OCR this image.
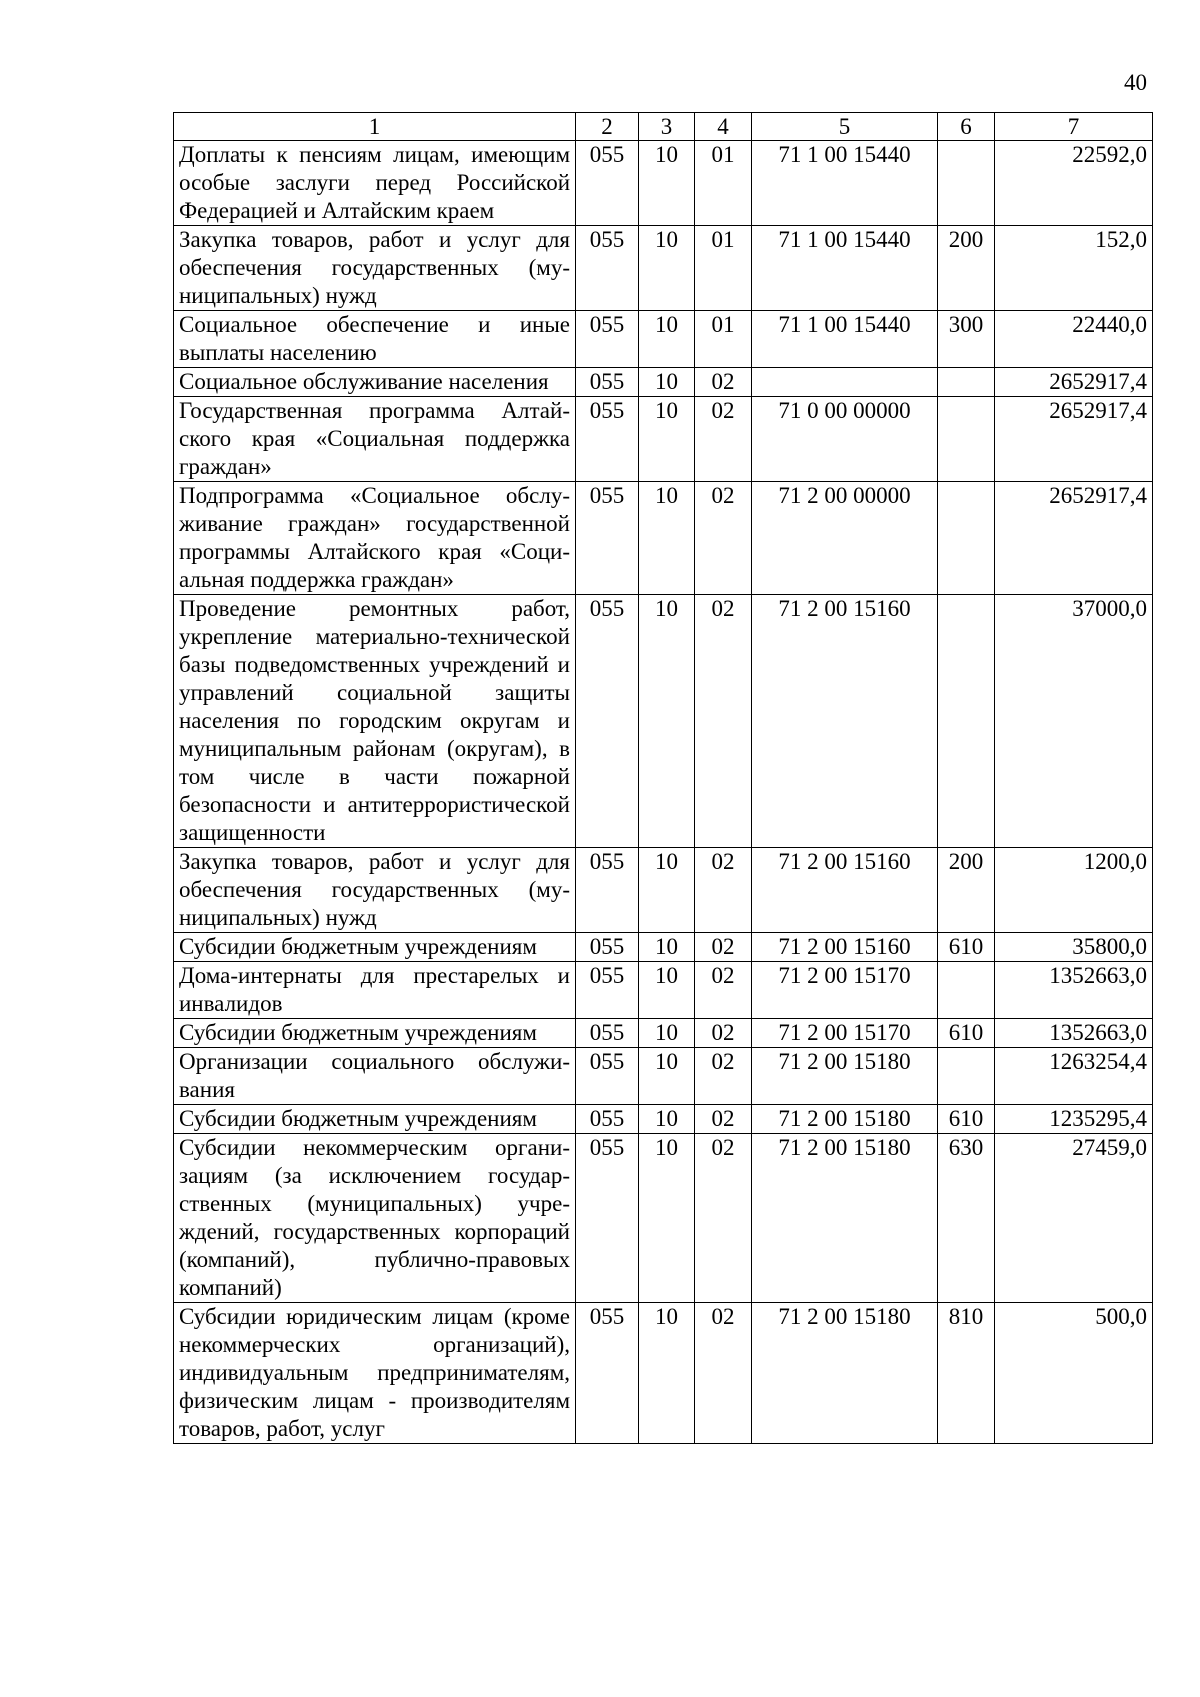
40
1	2	3	4	5	6	7
Доплаты к пенсиям лицам, имеющим особые заслуги перед Российской Федерацией и Алтайским краем	055	10	01	71 1 00 15440		22592,0
Закупка товаров, работ и услуг для обеспечения государственных (муниципальных) нужд	055	10	01	71 1 00 15440	200	152,0
Социальное обеспечение и иные выплаты населению	055	10	01	71 1 00 15440	300	22440,0
Социальное обслуживание населения	055	10	02			2652917,4
Государственная программа Алтайского края «Социальная поддержка граждан»	055	10	02	71 0 00 00000		2652917,4
Подпрограмма «Социальное обслуживание граждан» государственной программы Алтайского края «Социальная поддержка граждан»	055	10	02	71 2 00 00000		2652917,4
Проведение ремонтных работ, укрепление материально-технической базы подведомственных учреждений и управлений социальной защиты населения по городским округам и муниципальным районам (округам), в том числе в части пожарной безопасности и антитеррористической защищенности	055	10	02	71 2 00 15160		37000,0
Закупка товаров, работ и услуг для обеспечения государственных (муниципальных) нужд	055	10	02	71 2 00 15160	200	1200,0
Субсидии бюджетным учреждениям	055	10	02	71 2 00 15160	610	35800,0
Дома-интернаты для престарелых и инвалидов	055	10	02	71 2 00 15170		1352663,0
Субсидии бюджетным учреждениям	055	10	02	71 2 00 15170	610	1352663,0
Организации социального обслуживания	055	10	02	71 2 00 15180		1263254,4
Субсидии бюджетным учреждениям	055	10	02	71 2 00 15180	610	1235295,4
Субсидии некоммерческим организациям (за исключением государственных (муниципальных) учреждений, государственных корпораций (компаний), публично-правовых компаний)	055	10	02	71 2 00 15180	630	27459,0
Субсидии юридическим лицам (кроме некоммерческих организаций), индивидуальным предпринимателям, физическим лицам - производителям товаров, работ, услуг	055	10	02	71 2 00 15180	810	500,0
